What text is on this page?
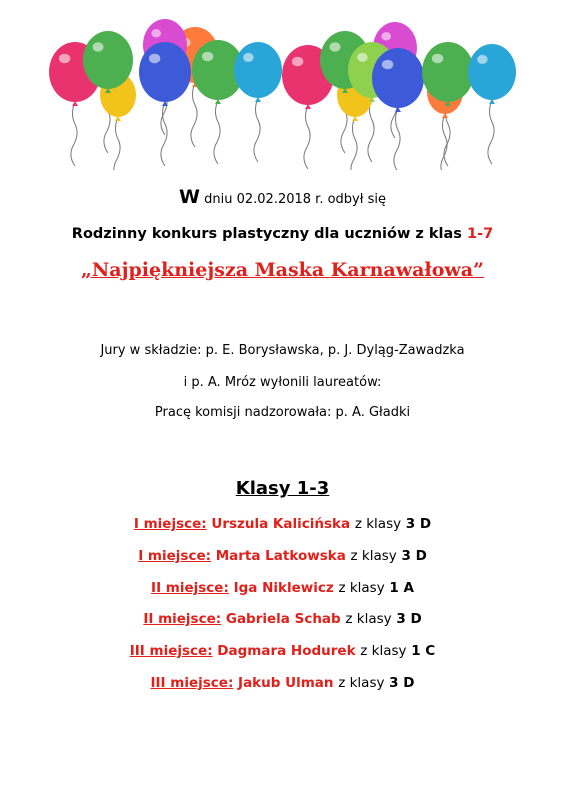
W dniu 02.02.2018 r. odbył się
Rodzinny konkurs plastyczny dla uczniów z klas 1-7
„Najpiękniejsza Maska Karnawałowa”
Jury w składzie: p. E. Borysławska, p. J. Dyląg-Zawadzka
i p. A. Mróz wyłonili laureatów:
Pracę komisji nadzorowała: p. A. Gładki
Klasy 1-3
I miejsce: Urszula Kalicińska z klasy 3 D
I miejsce: Marta Latkowska z klasy 3 D
II miejsce: Iga Niklewicz z klasy 1 A
II miejsce: Gabriela Schab z klasy 3 D
III miejsce: Dagmara Hodurek z klasy 1 C
III miejsce: Jakub Ulman z klasy 3 D
